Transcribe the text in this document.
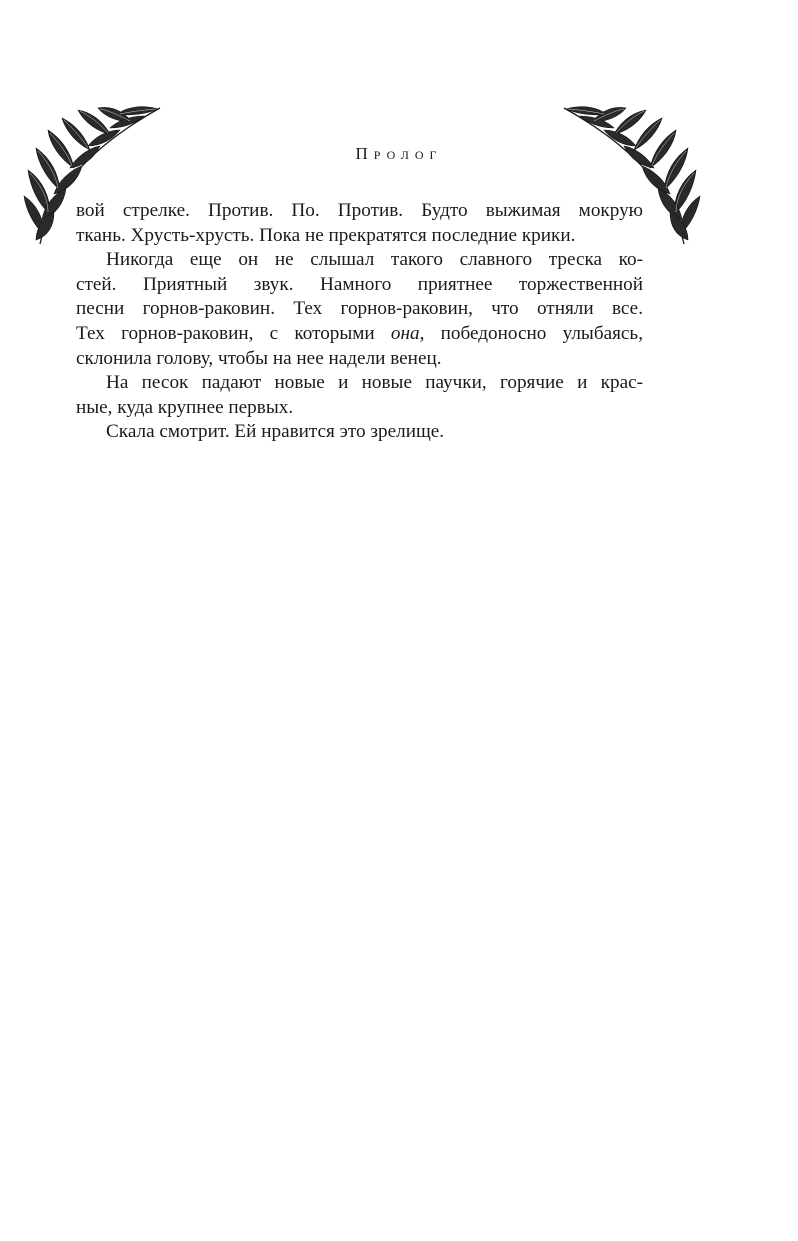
Пролог
вой стрелке. Против. По. Против. Будто выжимая мокрую
ткань. Хрусть-хрусть. Пока не прекратятся последние крики.
Никогда еще он не слышал такого славного треска ко-
стей. Приятный звук. Намного приятнее торжественной
песни горнов-раковин. Тех горнов-раковин, что отняли все.
Тех горнов-раковин, с которыми она, победоносно улыбаясь,
склонила голову, чтобы на нее надели венец.
На песок падают новые и новые паучки, горячие и крас-
ные, куда крупнее первых.
Скала смотрит. Ей нравится это зрелище.
